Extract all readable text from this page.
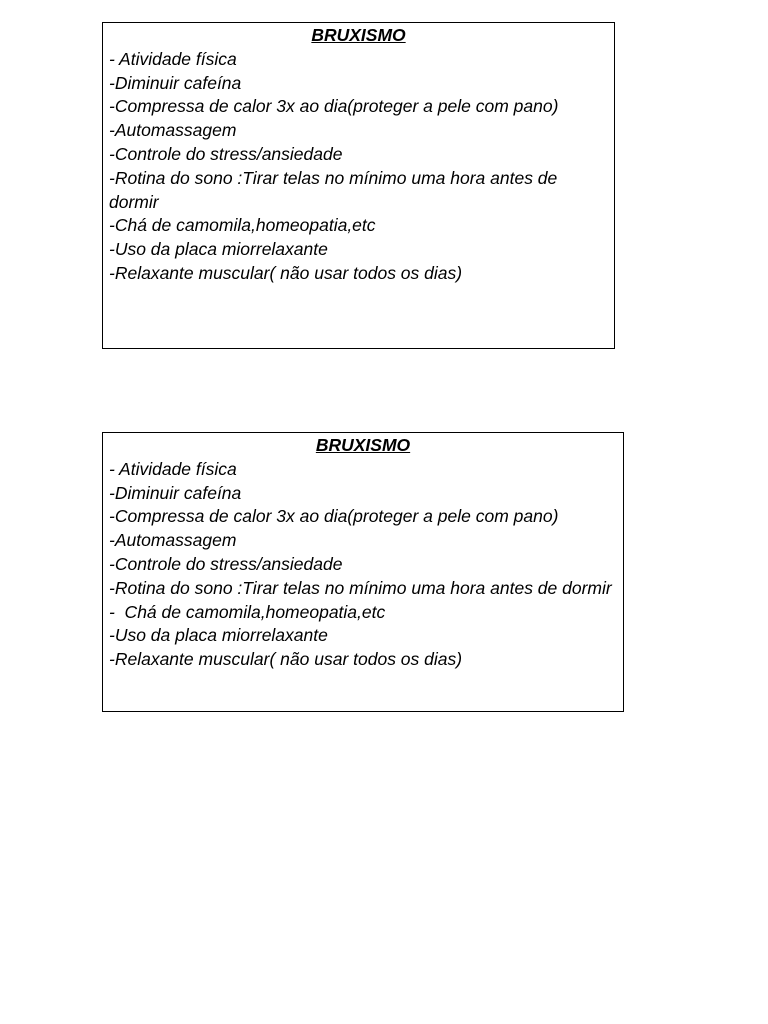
BRUXISMO

- Atividade física
-Diminuir cafeína
-Compressa de calor 3x ao dia(proteger a pele com pano)
-Automassagem
-Controle do stress/ansiedade
-Rotina do sono :Tirar telas no mínimo uma hora antes de dormir
-Chá de camomila,homeopatia,etc
-Uso da placa miorrelaxante
-Relaxante muscular( não usar todos os dias)

BRUXISMO

- Atividade física
-Diminuir cafeína
-Compressa de calor 3x ao dia(proteger a pele com pano)
-Automassagem
-Controle do stress/ansiedade
-Rotina do sono :Tirar telas no mínimo uma hora antes de dormir
-  Chá de camomila,homeopatia,etc
-Uso da placa miorrelaxante
-Relaxante muscular( não usar todos os dias)
